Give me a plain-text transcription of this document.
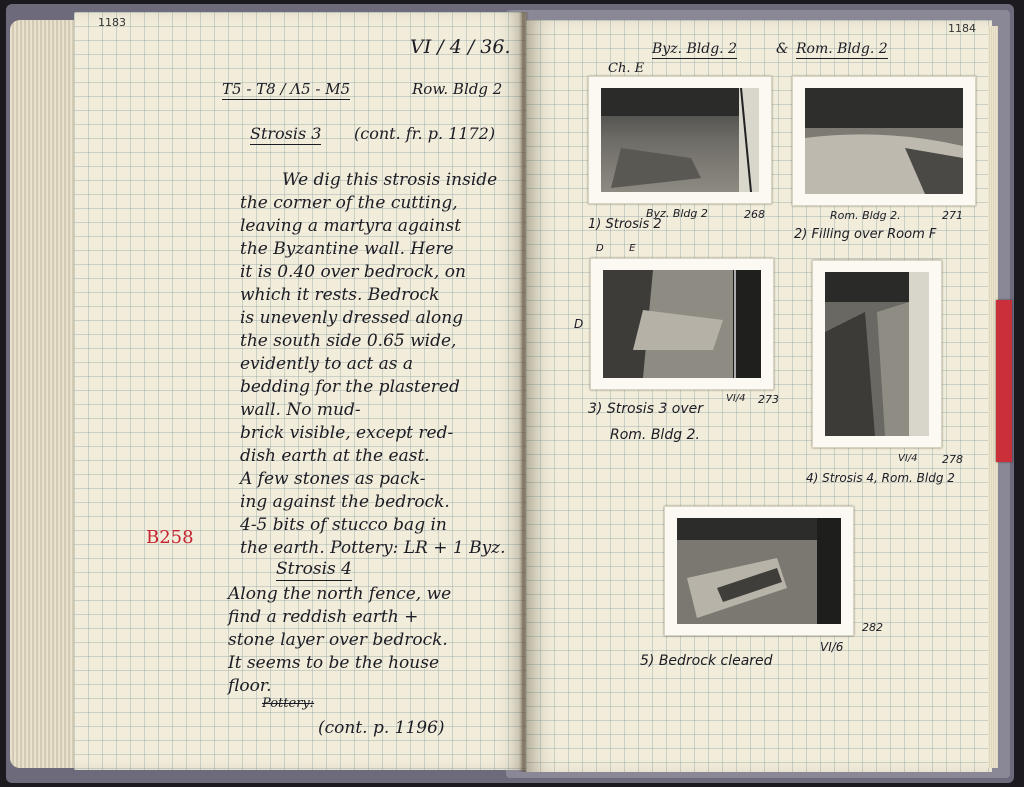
1183
VI / 4 / 36.
T5 - T8 / Λ5 - M5	Row. Bldg 2
Strosis 3 (cont. fr. p. 1172)
B258
We dig this strosis inside
the corner of the cutting,
leaving a martyra against
the Byzantine wall. Here
it is 0.40 over bedrock, on
which it rests. Bedrock
is unevenly dressed along
the south side 0.65 wide,
evidently to act as a
bedding for the plastered
wall. No mud-
brick visible, except red-
dish earth at the east.
A few stones as pack-
ing against the bedrock.
4-5 bits of stucco bag in
the earth. Pottery: LR + 1 Byz.
Strosis 4
Along the north fence, we
find a reddish earth +
stone layer over bedrock.
It seems to be the house
floor.
Pottery:
(cont. p. 1196)
1184
Ch. E
Byz. Bldg. 2	& Rom. Bldg. 2
1) Strosis 2
Byz. Bldg 2	268
D        E
Rom. Bldg 2.	271
2) Filling over Room F
D
3) Strosis 3 over
Rom. Bldg 2.
VI/4 273
VI/4 278
4) Strosis 4, Rom. Bldg 2
282
5) Bedrock cleared
VI/6
